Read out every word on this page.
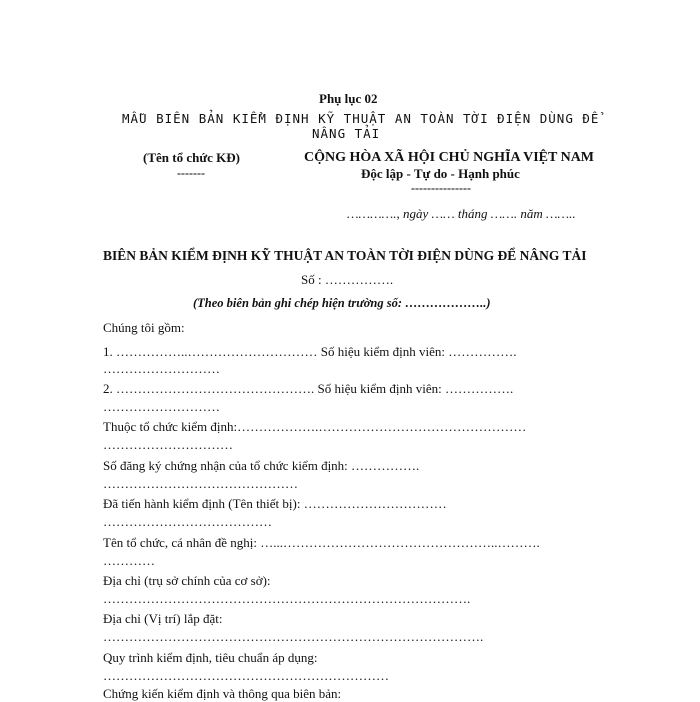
Phụ lục 02
MẪU BIÊN BẢN KIỂM ĐỊNH KỸ THUẬT AN TOÀN TỜI ĐIỆN DÙNG ĐỂ
NÂNG TẢI
(Tên tổ chức KĐ)
-------
CỘNG HÒA XÃ HỘI CHỦ NGHĨA VIỆT NAM
Độc lập - Tự do - Hạnh phúc
---------------
…………., ngày …… tháng ……. năm ……..
BIÊN BẢN KIỂM ĐỊNH KỸ THUẬT AN TOÀN TỜI ĐIỆN DÙNG ĐỂ NÂNG TẢI
Số : …………….
(Theo biên bản ghi chép hiện trường số: ………………..)
Chúng tôi gồm:
1. ……………..………………………… Số hiệu kiểm định viên: …………….
………………………
2. ………………………………………. Số hiệu kiểm định viên: …………….
………………………
Thuộc tổ chức kiểm định:……………….…………………………………………
…………………………
Số đăng ký chứng nhận của tổ chức kiểm định: …………….
………………………………………
Đã tiến hành kiểm định (Tên thiết bị): ……………………………
…………………………………
Tên tổ chức, cá nhân đề nghị: …...…………………………………………..……….
…………
Địa chỉ (trụ sở chính của cơ sở):
………………………………………………………………………….
Địa chỉ (Vị trí) lắp đặt:
…………………………………………………………………………….
Quy trình kiểm định, tiêu chuẩn áp dụng:
…………………………………………………………
Chứng kiến kiểm định và thông qua biên bản:
